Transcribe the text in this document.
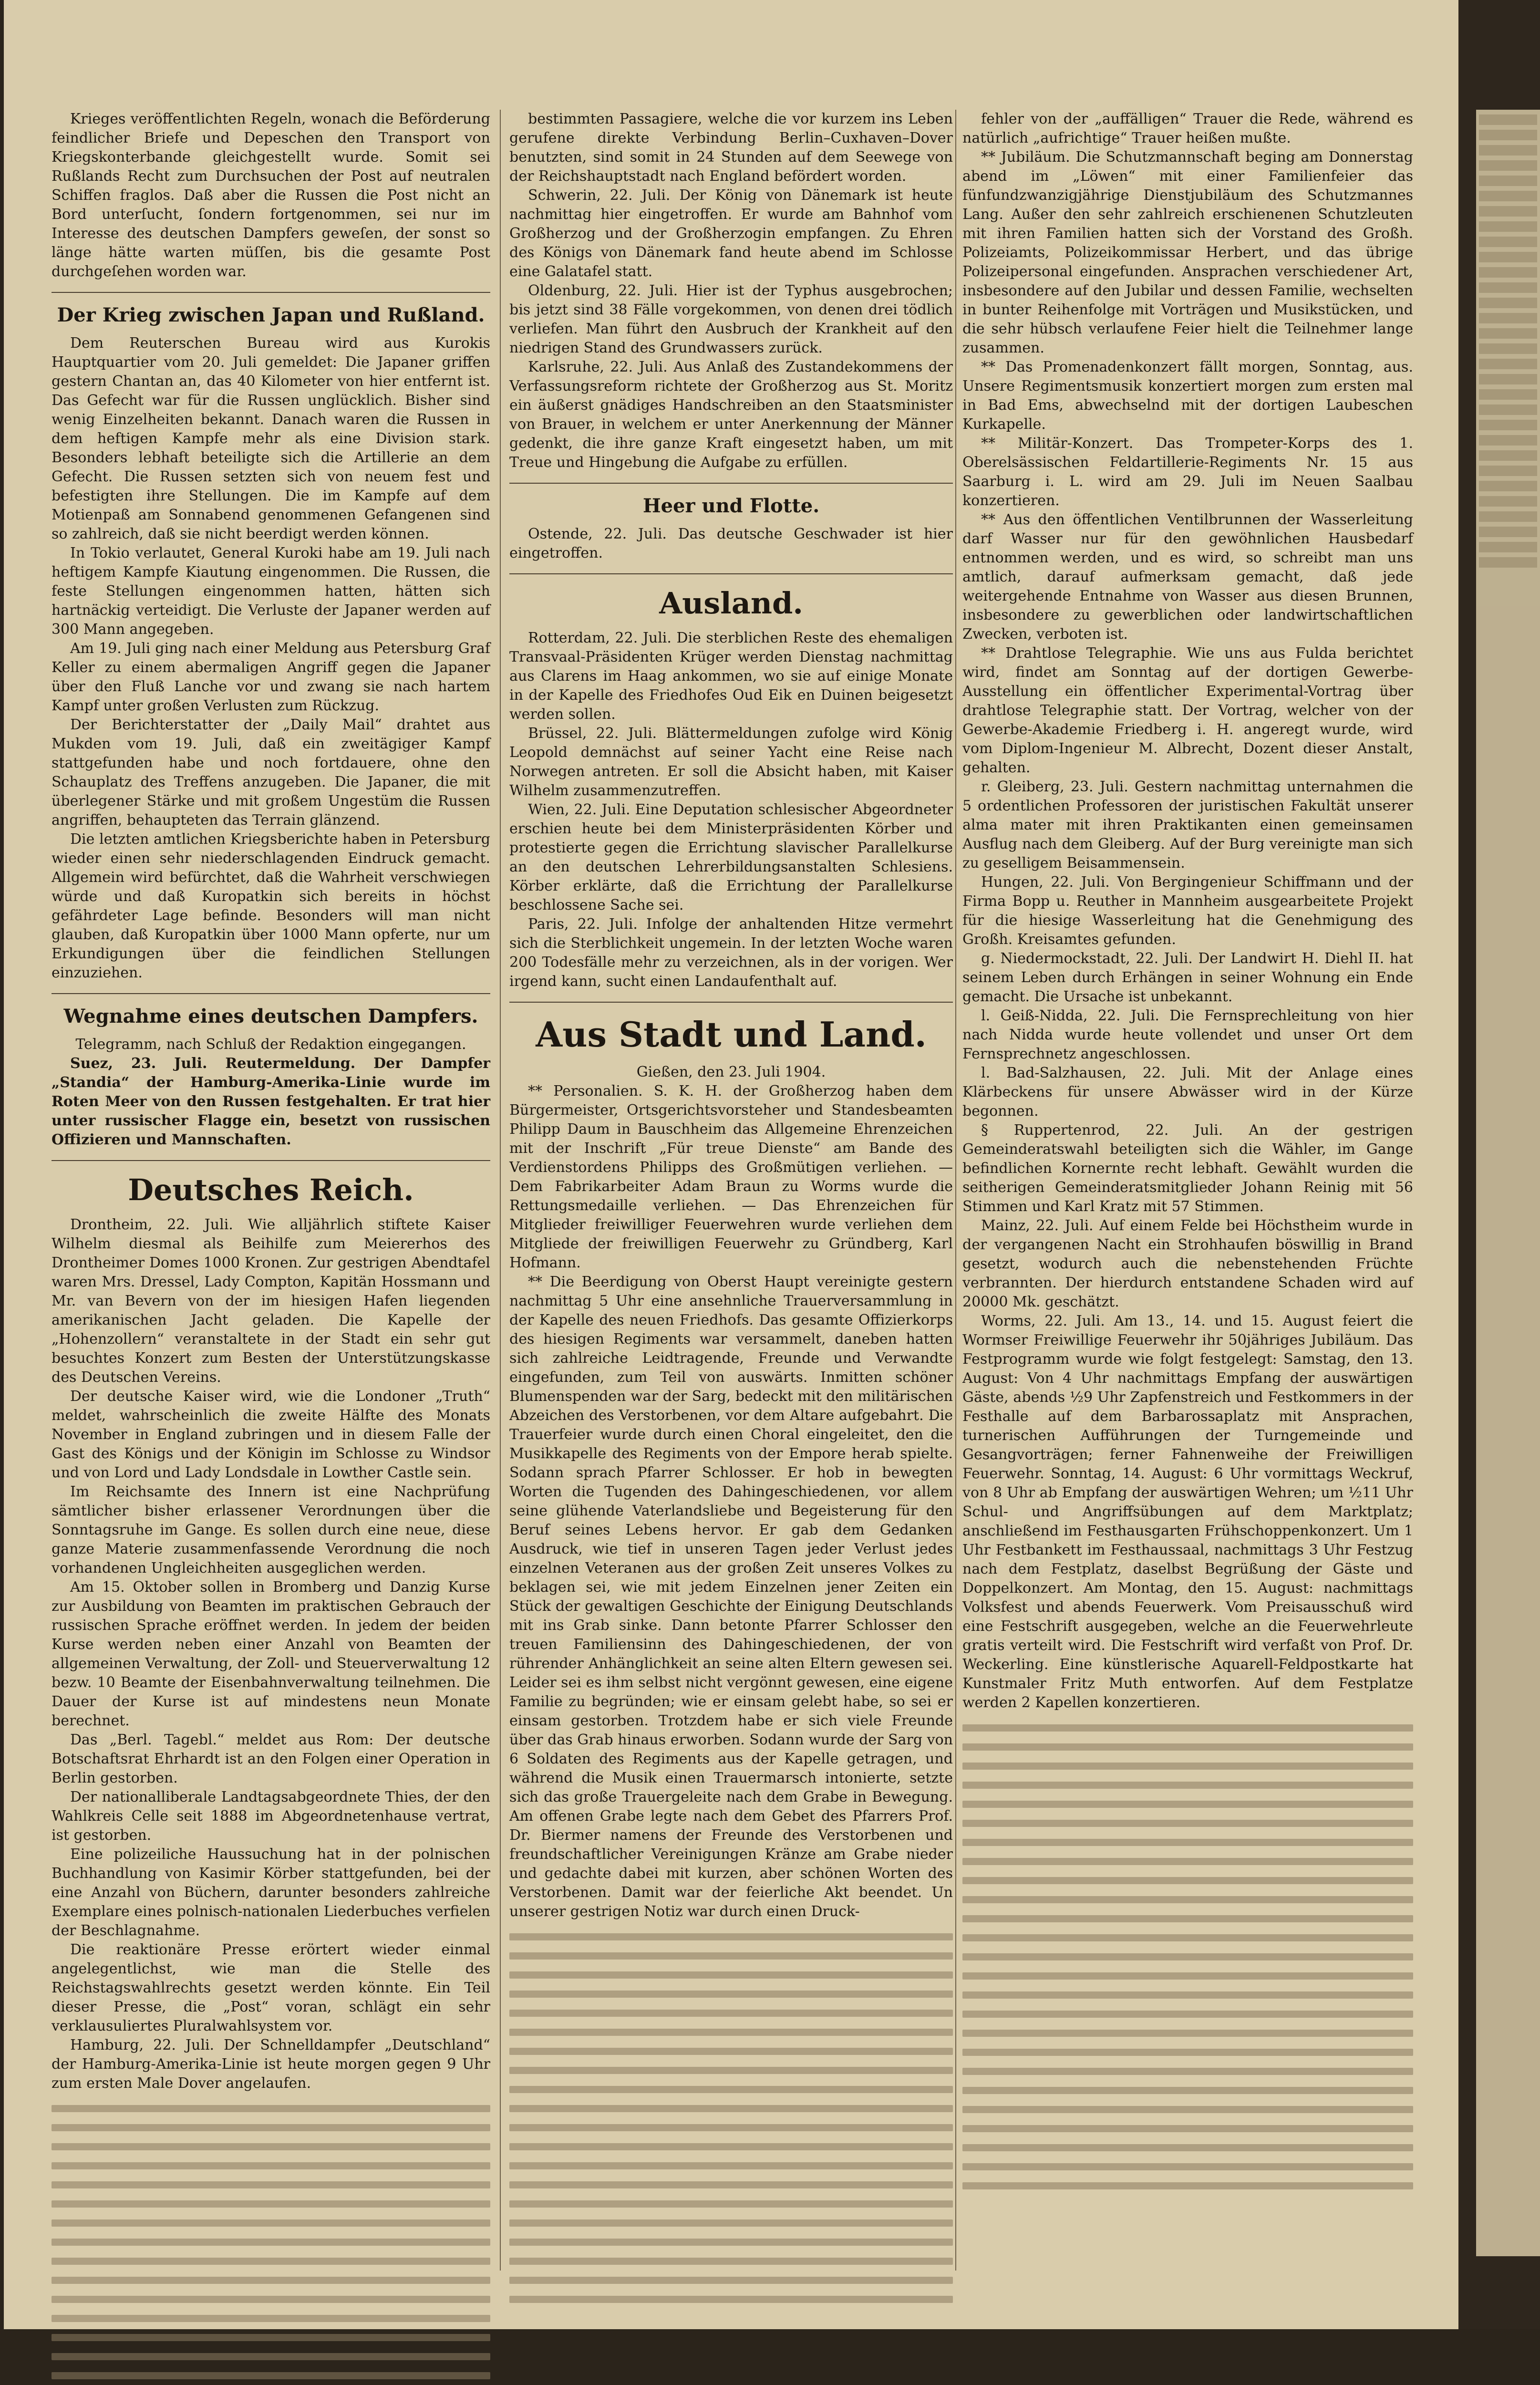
Krieges veröffentlichten Regeln, wonach die Beförderung feindlicher Briefe und Depeschen den Transport von Kriegskonterbande gleichgestellt wurde. Somit sei Rußlands Recht zum Durchsuchen der Post auf neutralen Schiffen fraglos. Daß aber die Russen die Post nicht an Bord unterſucht, ſondern fortgenommen, sei nur im Interesse des deutschen Dampfers geweſen, der sonst so länge hätte warten müſſen, bis die gesamte Post durchgeſehen worden war.

Der Krieg zwischen Japan und Rußland.

Dem Reuterschen Bureau wird aus Kurokis Hauptquartier vom 20. Juli gemeldet: Die Japaner griffen gestern Chantan an, das 40 Kilometer von hier entfernt ist. Das Gefecht war für die Russen unglücklich. Bisher sind wenig Einzelheiten bekannt. Danach waren die Russen in dem heftigen Kampfe mehr als eine Division stark. Besonders lebhaft beteiligte sich die Artillerie an dem Gefecht. Die Russen setzten sich von neuem fest und befestigten ihre Stellungen. Die im Kampfe auf dem Motienpaß am Sonnabend genommenen Gefangenen sind so zahlreich, daß sie nicht beerdigt werden können.

In Tokio verlautet, General Kuroki habe am 19. Juli nach heftigem Kampfe Kiautung eingenommen. Die Russen, die feste Stellungen eingenommen hatten, hätten sich hartnäckig verteidigt. Die Verluste der Japaner werden auf 300 Mann angegeben.

Am 19. Juli ging nach einer Meldung aus Petersburg Graf Keller zu einem abermaligen Angriff gegen die Japaner über den Fluß Lanche vor und zwang sie nach hartem Kampf unter großen Verlusten zum Rückzug.

Der Berichterstatter der „Daily Mail“ drahtet aus Mukden vom 19. Juli, daß ein zweitägiger Kampf stattgefunden habe und noch fortdauere, ohne den Schauplatz des Treffens anzugeben. Die Japaner, die mit überlegener Stärke und mit großem Ungestüm die Russen angriffen, behaupteten das Terrain glänzend.

Die letzten amtlichen Kriegsberichte haben in Petersburg wieder einen sehr niederschlagenden Eindruck gemacht. Allgemein wird befürchtet, daß die Wahrheit verschwiegen würde und daß Kuropatkin sich bereits in höchst gefährdeter Lage befinde. Besonders will man nicht glauben, daß Kuropatkin über 1000 Mann opferte, nur um Erkundigungen über die feindlichen Stellungen einzuziehen.

Wegnahme eines deutschen Dampfers.

Telegramm, nach Schluß der Redaktion eingegangen.

Suez, 23. Juli. Reutermeldung. Der Dampfer „Standia“ der Hamburg-Amerika-Linie wurde im Roten Meer von den Russen festgehalten. Er trat hier unter russischer Flagge ein, besetzt von russischen Offizieren und Mannschaften.

Deutsches Reich.

Drontheim, 22. Juli. Wie alljährlich stiftete Kaiser Wilhelm diesmal als Beihilfe zum Meiererhos des Drontheimer Domes 1000 Kronen. Zur gestrigen Abendtafel waren Mrs. Dressel, Lady Compton, Kapitän Hossmann und Mr. van Bevern von der im hiesigen Hafen liegenden amerikanischen Jacht geladen. Die Kapelle der „Hohenzollern“ veranstaltete in der Stadt ein sehr gut besuchtes Konzert zum Besten der Unterstützungskasse des Deutschen Vereins.

Der deutsche Kaiser wird, wie die Londoner „Truth“ meldet, wahrscheinlich die zweite Hälfte des Monats November in England zubringen und in diesem Falle der Gast des Königs und der Königin im Schlosse zu Windsor und von Lord und Lady Londsdale in Lowther Castle sein.

Im Reichsamte des Innern ist eine Nachprüfung sämtlicher bisher erlassener Verordnungen über die Sonntagsruhe im Gange. Es sollen durch eine neue, diese ganze Materie zusammenfassende Verordnung die noch vorhandenen Ungleichheiten ausgeglichen werden.

Am 15. Oktober sollen in Bromberg und Danzig Kurse zur Ausbildung von Beamten im praktischen Gebrauch der russischen Sprache eröffnet werden. In jedem der beiden Kurse werden neben einer Anzahl von Beamten der allgemeinen Verwaltung, der Zoll- und Steuerverwaltung 12 bezw. 10 Beamte der Eisenbahnverwaltung teilnehmen. Die Dauer der Kurse ist auf mindestens neun Monate berechnet.

Das „Berl. Tagebl.“ meldet aus Rom: Der deutsche Botschaftsrat Ehrhardt ist an den Folgen einer Operation in Berlin gestorben.

Der nationalliberale Landtagsabgeordnete Thies, der den Wahlkreis Celle seit 1888 im Abgeordnetenhause vertrat, ist gestorben.

Eine polizeiliche Haussuchung hat in der polnischen Buchhandlung von Kasimir Körber stattgefunden, bei der eine Anzahl von Büchern, darunter besonders zahlreiche Exemplare eines polnisch-nationalen Liederbuches verfielen der Beschlagnahme.

Die reaktionäre Presse erörtert wieder einmal angelegentlichst, wie man die Stelle des Reichstagswahlrechts gesetzt werden könnte. Ein Teil dieser Presse, die „Post“ voran, schlägt ein sehr verklausuliertes Pluralwahlsystem vor.

Hamburg, 22. Juli. Der Schnelldampfer „Deutschland“ der Hamburg-Amerika-Linie ist heute morgen gegen 9 Uhr zum ersten Male Dover angelaufen.

bestimmten Passagiere, welche die vor kurzem ins Leben gerufene direkte Verbindung Berlin–Cuxhaven–Dover benutzten, sind somit in 24 Stunden auf dem Seewege von der Reichshauptstadt nach England befördert worden.

Schwerin, 22. Juli. Der König von Dänemark ist heute nachmittag hier eingetroffen. Er wurde am Bahnhof vom Großherzog und der Großherzogin empfangen. Zu Ehren des Königs von Dänemark fand heute abend im Schlosse eine Galatafel statt.

Oldenburg, 22. Juli. Hier ist der Typhus ausgebrochen; bis jetzt sind 38 Fälle vorgekommen, von denen drei tödlich verliefen. Man führt den Ausbruch der Krankheit auf den niedrigen Stand des Grundwassers zurück.

Karlsruhe, 22. Juli. Aus Anlaß des Zustandekommens der Verfassungsreform richtete der Großherzog aus St. Moritz ein äußerst gnädiges Handschreiben an den Staatsminister von Brauer, in welchem er unter Anerkennung der Männer gedenkt, die ihre ganze Kraft eingesetzt haben, um mit Treue und Hingebung die Aufgabe zu erfüllen.

Heer und Flotte.

Ostende, 22. Juli. Das deutsche Geschwader ist hier eingetroffen.

Ausland.

Rotterdam, 22. Juli. Die sterblichen Reste des ehemaligen Transvaal-Präsidenten Krüger werden Dienstag nachmittag aus Clarens im Haag ankommen, wo sie auf einige Monate in der Kapelle des Friedhofes Oud Eik en Duinen beigesetzt werden sollen.

Brüssel, 22. Juli. Blättermeldungen zufolge wird König Leopold demnächst auf seiner Yacht eine Reise nach Norwegen antreten. Er soll die Absicht haben, mit Kaiser Wilhelm zusammenzutreffen.

Wien, 22. Juli. Eine Deputation schlesischer Abgeordneter erschien heute bei dem Ministerpräsidenten Körber und protestierte gegen die Errichtung slavischer Parallelkurse an den deutschen Lehrerbildungsanstalten Schlesiens. Körber erklärte, daß die Errichtung der Parallelkurse beschlossene Sache sei.

Paris, 22. Juli. Infolge der anhaltenden Hitze vermehrt sich die Sterblichkeit ungemein. In der letzten Woche waren 200 Todesfälle mehr zu verzeichnen, als in der vorigen. Wer irgend kann, sucht einen Landaufenthalt auf.

Aus Stadt und Land.

Gießen, den 23. Juli 1904.

** Personalien. S. K. H. der Großherzog haben dem Bürgermeister, Ortsgerichtsvorsteher und Standesbeamten Philipp Daum in Bauschheim das Allgemeine Ehrenzeichen mit der Inschrift „Für treue Dienste“ am Bande des Verdienstordens Philipps des Großmütigen verliehen. — Dem Fabrikarbeiter Adam Braun zu Worms wurde die Rettungsmedaille verliehen. — Das Ehrenzeichen für Mitglieder freiwilliger Feuerwehren wurde verliehen dem Mitgliede der freiwilligen Feuerwehr zu Gründberg, Karl Hofmann.

** Die Beerdigung von Oberst Haupt vereinigte gestern nachmittag 5 Uhr eine ansehnliche Trauerversammlung in der Kapelle des neuen Friedhofs. Das gesamte Offizierkorps des hiesigen Regiments war versammelt, daneben hatten sich zahlreiche Leidtragende, Freunde und Verwandte eingefunden, zum Teil von auswärts. Inmitten schöner Blumenspenden war der Sarg, bedeckt mit den militärischen Abzeichen des Verstorbenen, vor dem Altare aufgebahrt. Die Trauerfeier wurde durch einen Choral eingeleitet, den die Musikkapelle des Regiments von der Empore herab spielte. Sodann sprach Pfarrer Schlosser. Er hob in bewegten Worten die Tugenden des Dahingeschiedenen, vor allem seine glühende Vaterlandsliebe und Begeisterung für den Beruf seines Lebens hervor. Er gab dem Gedanken Ausdruck, wie tief in unseren Tagen jeder Verlust jedes einzelnen Veteranen aus der großen Zeit unseres Volkes zu beklagen sei, wie mit jedem Einzelnen jener Zeiten ein Stück der gewaltigen Geschichte der Einigung Deutschlands mit ins Grab sinke. Dann betonte Pfarrer Schlosser den treuen Familiensinn des Dahingeschiedenen, der von rührender Anhänglichkeit an seine alten Eltern gewesen sei. Leider sei es ihm selbst nicht vergönnt gewesen, eine eigene Familie zu begründen; wie er einsam gelebt habe, so sei er einsam gestorben. Trotzdem habe er sich viele Freunde über das Grab hinaus erworben. Sodann wurde der Sarg von 6 Soldaten des Regiments aus der Kapelle getragen, und während die Musik einen Trauermarsch intonierte, setzte sich das große Trauergeleite nach dem Grabe in Bewegung. Am offenen Grabe legte nach dem Gebet des Pfarrers Prof. Dr. Biermer namens der Freunde des Verstorbenen und freundschaftlicher Vereinigungen Kränze am Grabe nieder und gedachte dabei mit kurzen, aber schönen Worten des Verstorbenen. Damit war der feierliche Akt beendet. Un unserer gestrigen Notiz war durch einen Druck-

fehler von der „auffälligen“ Trauer die Rede, während es natürlich „aufrichtige“ Trauer heißen mußte.

** Jubiläum. Die Schutzmannschaft beging am Donnerstag abend im „Löwen“ mit einer Familienfeier das fünfundzwanzigjährige Dienstjubiläum des Schutzmannes Lang. Außer den sehr zahlreich erschienenen Schutzleuten mit ihren Familien hatten sich der Vorstand des Großh. Polizeiamts, Polizeikommissar Herbert, und das übrige Polizeipersonal eingefunden. Ansprachen verschiedener Art, insbesondere auf den Jubilar und dessen Familie, wechselten in bunter Reihenfolge mit Vorträgen und Musikstücken, und die sehr hübsch verlaufene Feier hielt die Teilnehmer lange zusammen.

** Das Promenadenkonzert fällt morgen, Sonntag, aus. Unsere Regimentsmusik konzertiert morgen zum ersten mal in Bad Ems, abwechselnd mit der dortigen Laubeschen Kurkapelle.

** Militär-Konzert. Das Trompeter-Korps des 1. Oberelsässischen Feldartillerie-Regiments Nr. 15 aus Saarburg i. L. wird am 29. Juli im Neuen Saalbau konzertieren.

** Aus den öffentlichen Ventilbrunnen der Wasserleitung darf Wasser nur für den gewöhnlichen Hausbedarf entnommen werden, und es wird, so schreibt man uns amtlich, darauf aufmerksam gemacht, daß jede weitergehende Entnahme von Wasser aus diesen Brunnen, insbesondere zu gewerblichen oder landwirtschaftlichen Zwecken, verboten ist.

** Drahtlose Telegraphie. Wie uns aus Fulda berichtet wird, findet am Sonntag auf der dortigen Gewerbe-Ausstellung ein öffentlicher Experimental-Vortrag über drahtlose Telegraphie statt. Der Vortrag, welcher von der Gewerbe-Akademie Friedberg i. H. angeregt wurde, wird vom Diplom-Ingenieur M. Albrecht, Dozent dieser Anstalt, gehalten.

r. Gleiberg, 23. Juli. Gestern nachmittag unternahmen die 5 ordentlichen Professoren der juristischen Fakultät unserer alma mater mit ihren Praktikanten einen gemeinsamen Ausflug nach dem Gleiberg. Auf der Burg vereinigte man sich zu geselligem Beisammensein.

Hungen, 22. Juli. Von Bergingenieur Schiffmann und der Firma Bopp u. Reuther in Mannheim ausgearbeitete Projekt für die hiesige Wasserleitung hat die Genehmigung des Großh. Kreisamtes gefunden.

g. Niedermockstadt, 22. Juli. Der Landwirt H. Diehl II. hat seinem Leben durch Erhängen in seiner Wohnung ein Ende gemacht. Die Ursache ist unbekannt.

l. Geiß-Nidda, 22. Juli. Die Fernsprechleitung von hier nach Nidda wurde heute vollendet und unser Ort dem Fernsprechnetz angeschlossen.

l. Bad-Salzhausen, 22. Juli. Mit der Anlage eines Klärbeckens für unsere Abwässer wird in der Kürze begonnen.

§ Ruppertenrod, 22. Juli. An der gestrigen Gemeinderatswahl beteiligten sich die Wähler, im Gange befindlichen Kornernte recht lebhaft. Gewählt wurden die seitherigen Gemeinderatsmitglieder Johann Reinig mit 56 Stimmen und Karl Kratz mit 57 Stimmen.

Mainz, 22. Juli. Auf einem Felde bei Höchstheim wurde in der vergangenen Nacht ein Strohhaufen böswillig in Brand gesetzt, wodurch auch die nebenstehenden Früchte verbrannten. Der hierdurch entstandene Schaden wird auf 20000 Mk. geschätzt.

Worms, 22. Juli. Am 13., 14. und 15. August feiert die Wormser Freiwillige Feuerwehr ihr 50jähriges Jubiläum. Das Festprogramm wurde wie folgt festgelegt: Samstag, den 13. August: Von 4 Uhr nachmittags Empfang der auswärtigen Gäste, abends ½9 Uhr Zapfenstreich und Festkommers in der Festhalle auf dem Barbarossaplatz mit Ansprachen, turnerischen Aufführungen der Turngemeinde und Gesangvorträgen; ferner Fahnenweihe der Freiwilligen Feuerwehr. Sonntag, 14. August: 6 Uhr vormittags Weckruf, von 8 Uhr ab Empfang der auswärtigen Wehren; um ½11 Uhr Schul- und Angriffsübungen auf dem Marktplatz; anschließend im Festhausgarten Frühschoppenkonzert. Um 1 Uhr Festbankett im Festhaussaal, nachmittags 3 Uhr Festzug nach dem Festplatz, daselbst Begrüßung der Gäste und Doppelkonzert. Am Montag, den 15. August: nachmittags Volksfest und abends Feuerwerk. Vom Preisausschuß wird eine Festschrift ausgegeben, welche an die Feuerwehrleute gratis verteilt wird. Die Festschrift wird verfaßt von Prof. Dr. Weckerling. Eine künstlerische Aquarell-Feldpostkarte hat Kunstmaler Fritz Muth entworfen. Auf dem Festplatze werden 2 Kapellen konzertieren.
